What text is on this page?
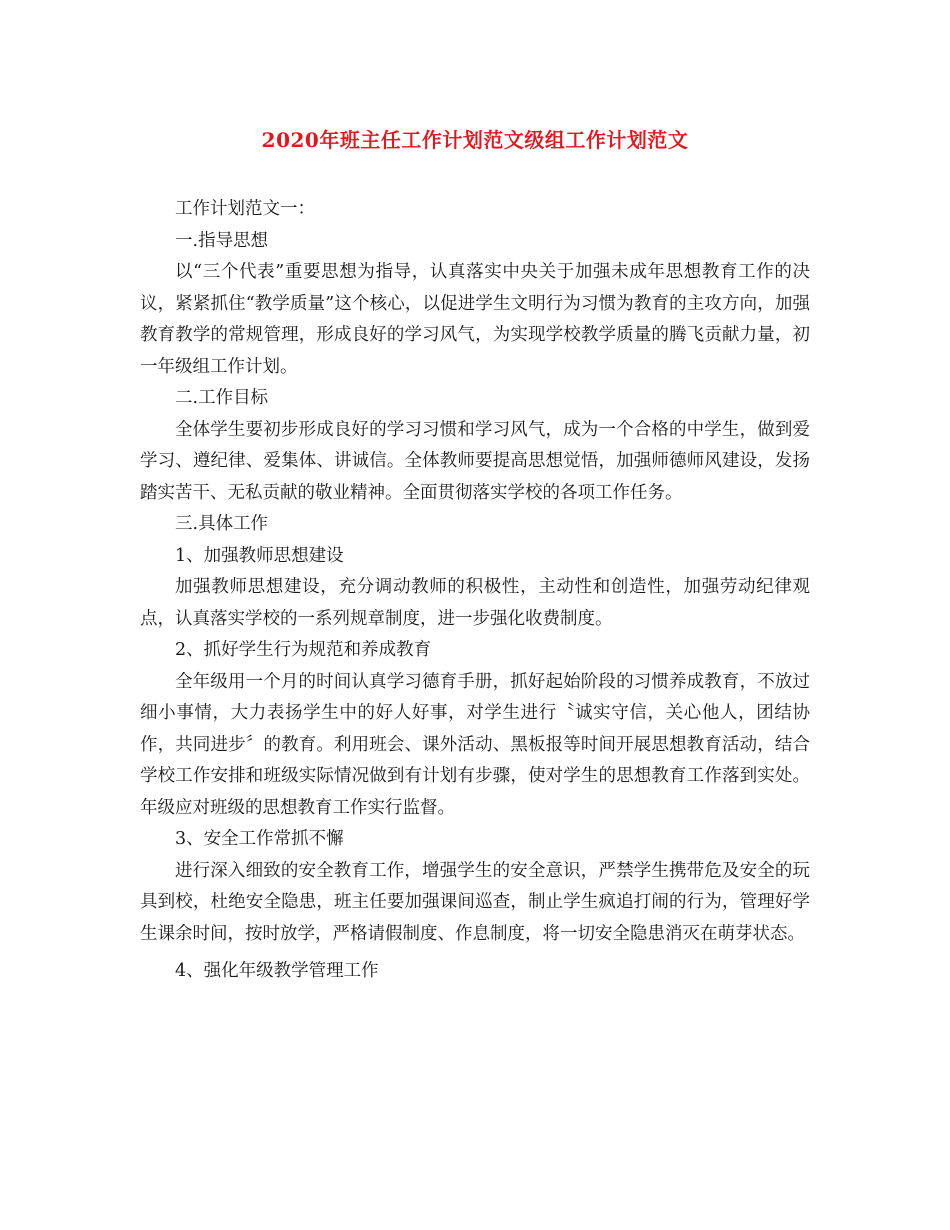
2020年班主任工作计划范文级组工作计划范文

工作计划范文一：

一.指导思想

以“三个代表”重要思想为指导，认真落实中央关于加强未成年思想教育工作的决议，紧紧抓住“教学质量”这个核心，以促进学生文明行为习惯为教育的主攻方向，加强教育教学的常规管理，形成良好的学习风气，为实现学校教学质量的腾飞贡献力量，初一年级组工作计划。

二.工作目标

全体学生要初步形成良好的学习习惯和学习风气，成为一个合格的中学生，做到爱学习、遵纪律、爱集体、讲诚信。全体教师要提高思想觉悟，加强师德师风建设，发扬踏实苦干、无私贡献的敬业精神。全面贯彻落实学校的各项工作任务。

三.具体工作

1、加强教师思想建设

加强教师思想建设，充分调动教师的积极性，主动性和创造性，加强劳动纪律观点，认真落实学校的一系列规章制度，进一步强化收费制度。

2、抓好学生行为规范和养成教育

全年级用一个月的时间认真学习德育手册，抓好起始阶段的习惯养成教育，不放过细小事情，大力表扬学生中的好人好事，对学生进行〝诚实守信，关心他人，团结协作，共同进步〞的教育。利用班会、课外活动、黑板报等时间开展思想教育活动，结合学校工作安排和班级实际情况做到有计划有步骤，使对学生的思想教育工作落到实处。年级应对班级的思想教育工作实行监督。

3、安全工作常抓不懈

进行深入细致的安全教育工作，增强学生的安全意识，严禁学生携带危及安全的玩具到校，杜绝安全隐患，班主任要加强课间巡查，制止学生疯追打闹的行为，管理好学生课余时间，按时放学，严格请假制度、作息制度，将一切安全隐患消灭在萌芽状态。

4、强化年级教学管理工作
